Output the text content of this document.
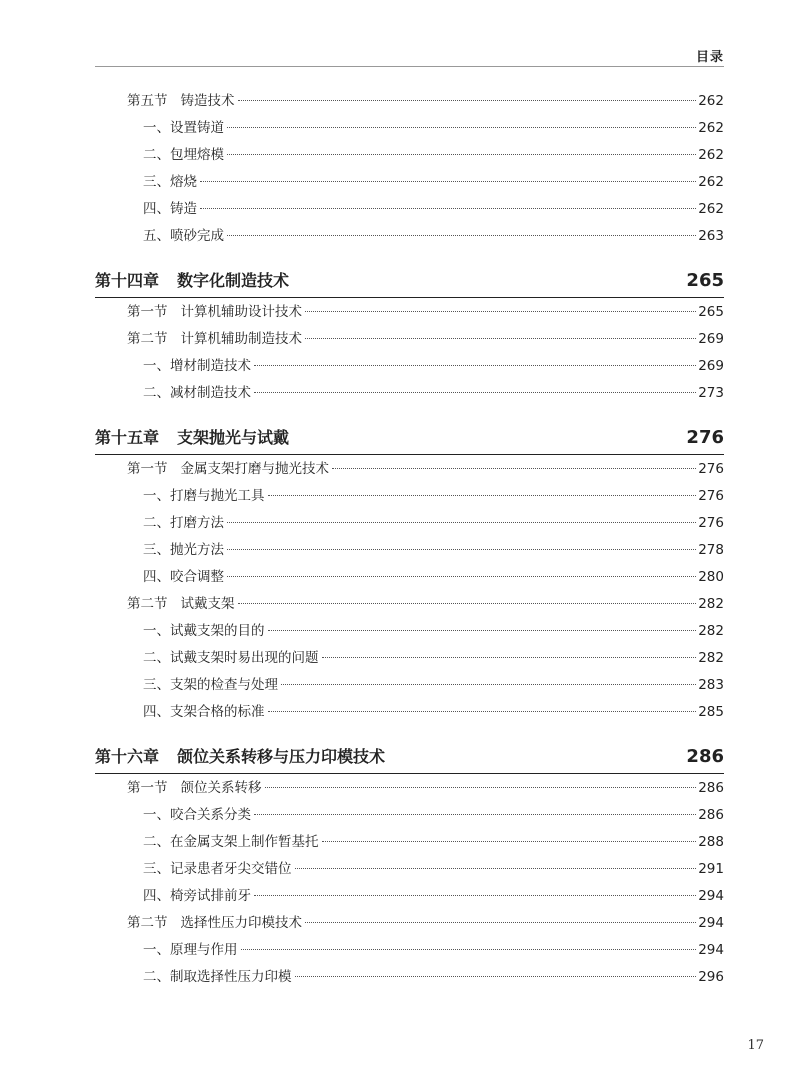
目录
第五节 铸造技术	262
一、 设置铸道	262
二、 包埋熔模	262
三、 熔烧	262
四、 铸造	262
五、 喷砂完成	263
第十四章 数字化制造技术	265
第一节 计算机辅助设计技术	265
第二节 计算机辅助制造技术	269
一、 增材制造技术	269
二、 减材制造技术	273
第十五章 支架抛光与试戴	276
第一节 金属支架打磨与抛光技术	276
一、 打磨与抛光工具	276
二、 打磨方法	276
三、 抛光方法	278
四、 咬合调整	280
第二节 试戴支架	282
一、 试戴支架的目的	282
二、 试戴支架时易出现的问题	282
三、 支架的检查与处理	283
四、 支架合格的标准	285
第十六章 颌位关系转移与压力印模技术	286
第一节 颌位关系转移	286
一、 咬合关系分类	286
二、 在金属支架上制作暂基托	288
三、 记录患者牙尖交错位	291
四、 椅旁试排前牙	294
第二节 选择性压力印模技术	294
一、 原理与作用	294
二、 制取选择性压力印模	296
17
